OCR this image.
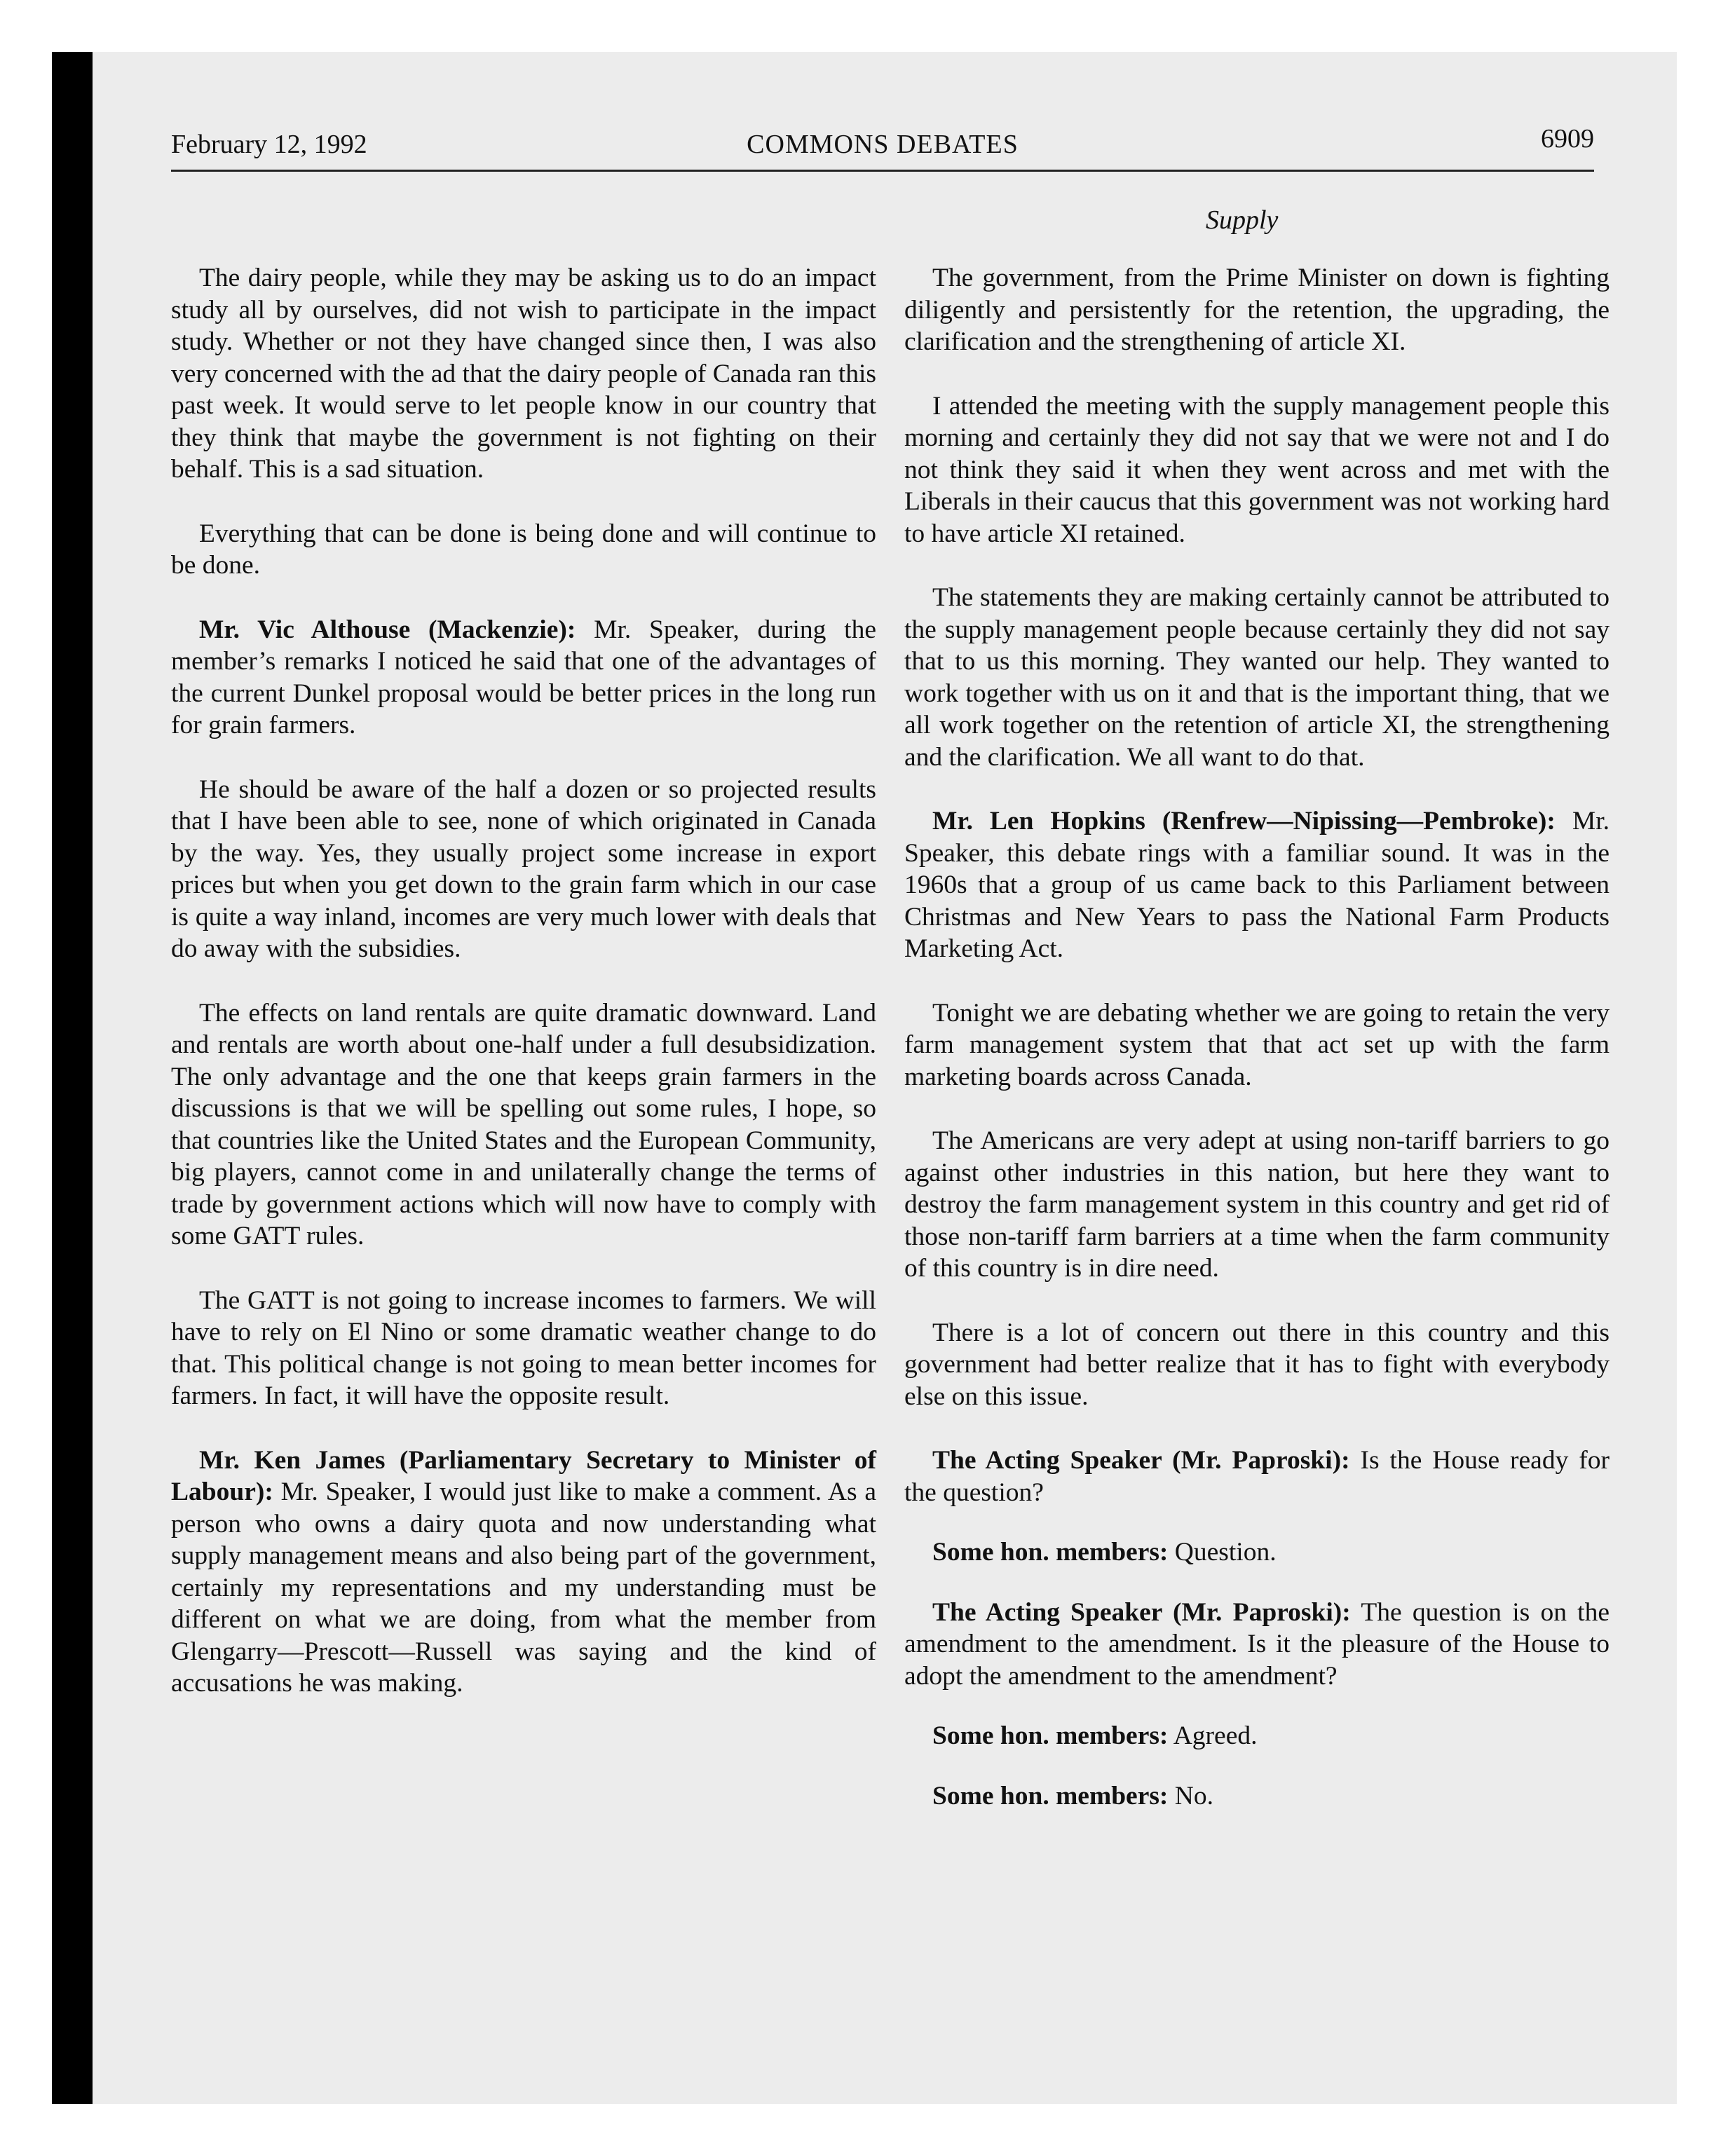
February 12, 1992	COMMONS DEBATES	6909
Supply

The dairy people, while they may be asking us to do an impact study all by ourselves, did not wish to participate in the impact study. Whether or not they have changed since then, I was also very concerned with the ad that the dairy people of Canada ran this past week. It would serve to let people know in our country that they think that maybe the government is not fighting on their behalf. This is a sad situation.

Everything that can be done is being done and will continue to be done.

Mr. Vic Althouse (Mackenzie): Mr. Speaker, during the member’s remarks I noticed he said that one of the advantages of the current Dunkel proposal would be better prices in the long run for grain farmers.

He should be aware of the half a dozen or so projected results that I have been able to see, none of which originated in Canada by the way. Yes, they usually project some increase in export prices but when you get down to the grain farm which in our case is quite a way inland, incomes are very much lower with deals that do away with the subsidies.

The effects on land rentals are quite dramatic downward. Land and rentals are worth about one-half under a full desubsidization. The only advantage and the one that keeps grain farmers in the discussions is that we will be spelling out some rules, I hope, so that countries like the United States and the European Community, big players, cannot come in and unilaterally change the terms of trade by government actions which will now have to comply with some GATT rules.

The GATT is not going to increase incomes to farmers. We will have to rely on El Nino or some dramatic weather change to do that. This political change is not going to mean better incomes for farmers. In fact, it will have the opposite result.

Mr. Ken James (Parliamentary Secretary to Minister of Labour): Mr. Speaker, I would just like to make a comment. As a person who owns a dairy quota and now understanding what supply management means and also being part of the government, certainly my representations and my understanding must be different on what we are doing, from what the member from Glengarry—Prescott—Russell was saying and the kind of accusations he was making.

The government, from the Prime Minister on down is fighting diligently and persistently for the retention, the upgrading, the clarification and the strengthening of article XI.

I attended the meeting with the supply management people this morning and certainly they did not say that we were not and I do not think they said it when they went across and met with the Liberals in their caucus that this government was not working hard to have article XI retained.

The statements they are making certainly cannot be attributed to the supply management people because certainly they did not say that to us this morning. They wanted our help. They wanted to work together with us on it and that is the important thing, that we all work together on the retention of article XI, the strengthening and the clarification. We all want to do that.

Mr. Len Hopkins (Renfrew—Nipissing—Pembroke): Mr. Speaker, this debate rings with a familiar sound. It was in the 1960s that a group of us came back to this Parliament between Christmas and New Years to pass the National Farm Products Marketing Act.

Tonight we are debating whether we are going to retain the very farm management system that that act set up with the farm marketing boards across Canada.

The Americans are very adept at using non-tariff barriers to go against other industries in this nation, but here they want to destroy the farm management system in this country and get rid of those non-tariff farm barriers at a time when the farm community of this country is in dire need.

There is a lot of concern out there in this country and this government had better realize that it has to fight with everybody else on this issue.

The Acting Speaker (Mr. Paproski): Is the House ready for the question?

Some hon. members: Question.

The Acting Speaker (Mr. Paproski): The question is on the amendment to the amendment. Is it the pleasure of the House to adopt the amendment to the amendment?

Some hon. members: Agreed.

Some hon. members: No.
